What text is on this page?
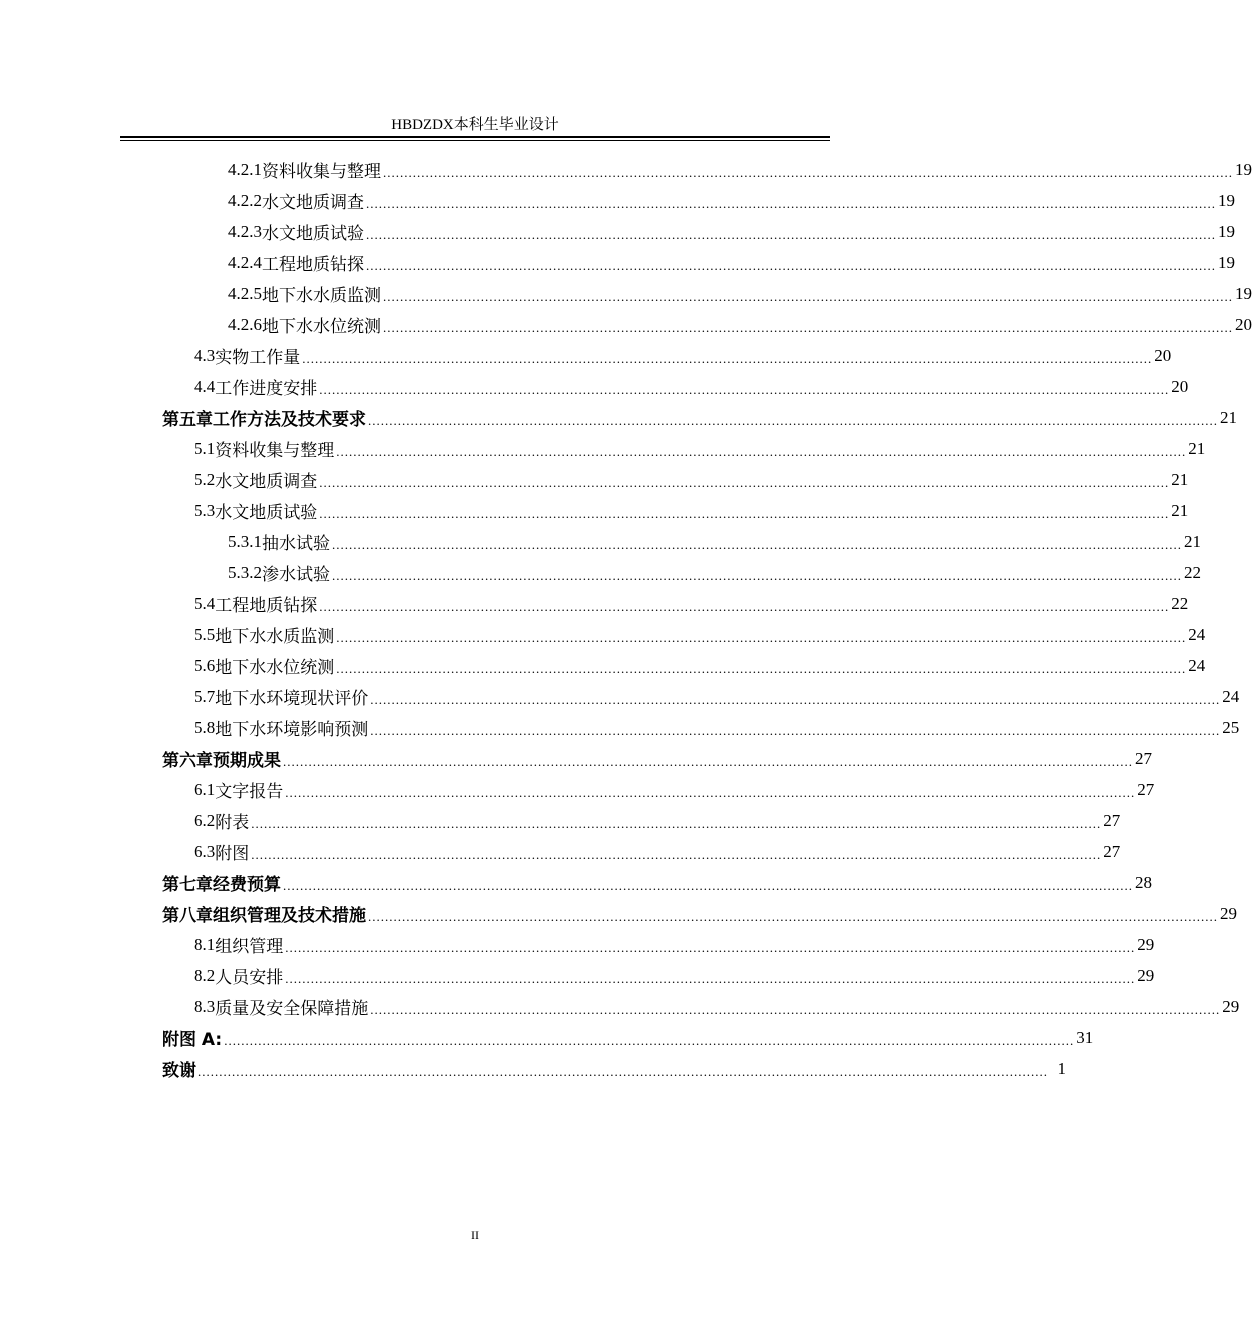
HBDZDX本科生毕业设计
4.2.1 资料收集与整理 ........................................................................................................................................................................................................ 19
4.2.2 水文地质调查 ........................................................................................................................................................................................................ 19
4.2.3 水文地质试验 ........................................................................................................................................................................................................ 19
4.2.4 工程地质钻探 ........................................................................................................................................................................................................ 19
4.2.5 地下水水质监测 ........................................................................................................................................................................................................ 19
4.2.6 地下水水位统测 ........................................................................................................................................................................................................ 20
4.3 实物工作量 ........................................................................................................................................................................................................ 20
4.4 工作进度安排 ........................................................................................................................................................................................................ 20
第五章 工作方法及技术要求 ........................................................................................................................................................................................................ 21
5.1 资料收集与整理 ........................................................................................................................................................................................................ 21
5.2 水文地质调查 ........................................................................................................................................................................................................ 21
5.3 水文地质试验 ........................................................................................................................................................................................................ 21
5.3.1 抽水试验 ........................................................................................................................................................................................................ 21
5.3.2 渗水试验 ........................................................................................................................................................................................................ 22
5.4 工程地质钻探 ........................................................................................................................................................................................................ 22
5.5 地下水水质监测 ........................................................................................................................................................................................................ 24
5.6 地下水水位统测 ........................................................................................................................................................................................................ 24
5.7 地下水环境现状评价 ........................................................................................................................................................................................................ 24
5.8 地下水环境影响预测 ........................................................................................................................................................................................................ 25
第六章 预期成果 ........................................................................................................................................................................................................ 27
6.1 文字报告 ........................................................................................................................................................................................................ 27
6.2 附表 ........................................................................................................................................................................................................ 27
6.3 附图 ........................................................................................................................................................................................................ 27
第七章 经费预算 ........................................................................................................................................................................................................ 28
第八章 组织管理及技术措施 ........................................................................................................................................................................................................ 29
8.1 组织管理 ........................................................................................................................................................................................................ 29
8.2 人员安排 ........................................................................................................................................................................................................ 29
8.3 质量及安全保障措施 ........................................................................................................................................................................................................ 29
附图 A: ........................................................................................................................................................................................................ 31
致谢 ........................................................................................................................................................................................................ 1
II
